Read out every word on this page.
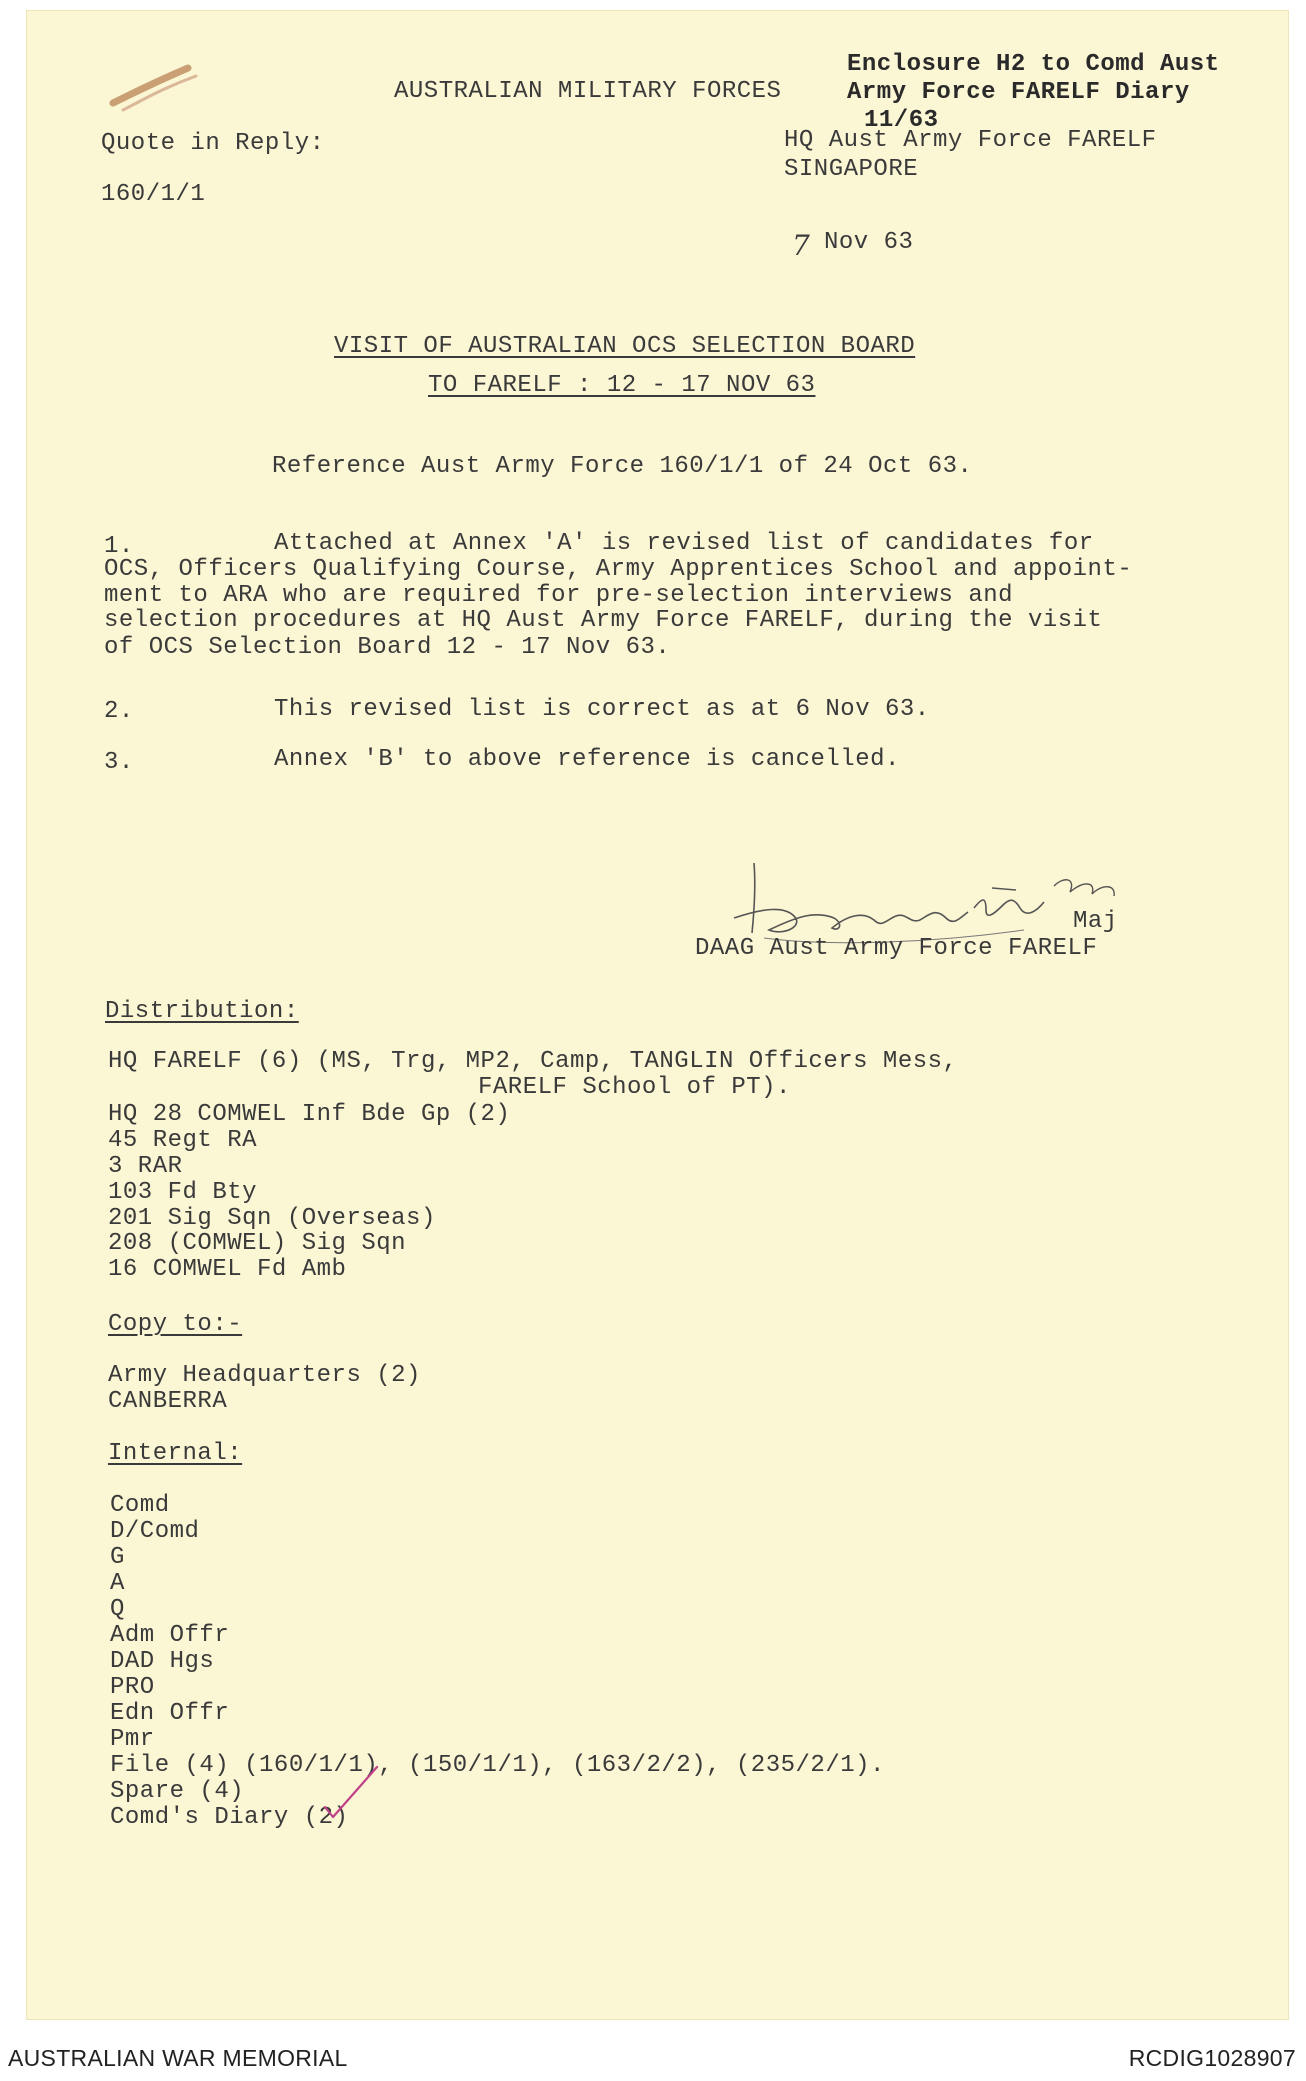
AUSTRALIAN MILITARY FORCES
Enclosure H2 to Comd Aust
Army Force FARELF Diary
11/63
Quote in Reply:
160/1/1
HQ Aust Army Force FARELF
SINGAPORE
7 Nov 63
VISIT OF AUSTRALIAN OCS SELECTION BOARD
TO FARELF : 12 - 17 NOV 63
Reference Aust Army Force 160/1/1 of 24 Oct 63.
1.	Attached at Annex 'A' is revised list of candidates for
OCS, Officers Qualifying Course, Army Apprentices School and appoint-
ment to ARA who are required for pre-selection interviews and
selection procedures at HQ Aust Army Force FARELF, during the visit
of OCS Selection Board 12 - 17 Nov 63.
2.	This revised list is correct as at 6 Nov 63.
3.	Annex 'B' to above reference is cancelled.
Maj
DAAG Aust Army Force FARELF
Distribution:
HQ FARELF (6) (MS, Trg, MP2, Camp, TANGLIN Officers Mess,
FARELF School of PT).
HQ 28 COMWEL Inf Bde Gp (2)
45 Regt RA
3 RAR
103 Fd Bty
201 Sig Sqn (Overseas)
208 (COMWEL) Sig Sqn
16 COMWEL Fd Amb
Copy to:-
Army Headquarters (2)
CANBERRA
Internal:
Comd
D/Comd
G
A
Q
Adm Offr
DAD Hgs
PRO
Edn Offr
Pmr
File (4) (160/1/1), (150/1/1), (163/2/2), (235/2/1).
Spare (4)
Comd's Diary (2)
AUSTRALIAN WAR MEMORIAL	RCDIG1028907
